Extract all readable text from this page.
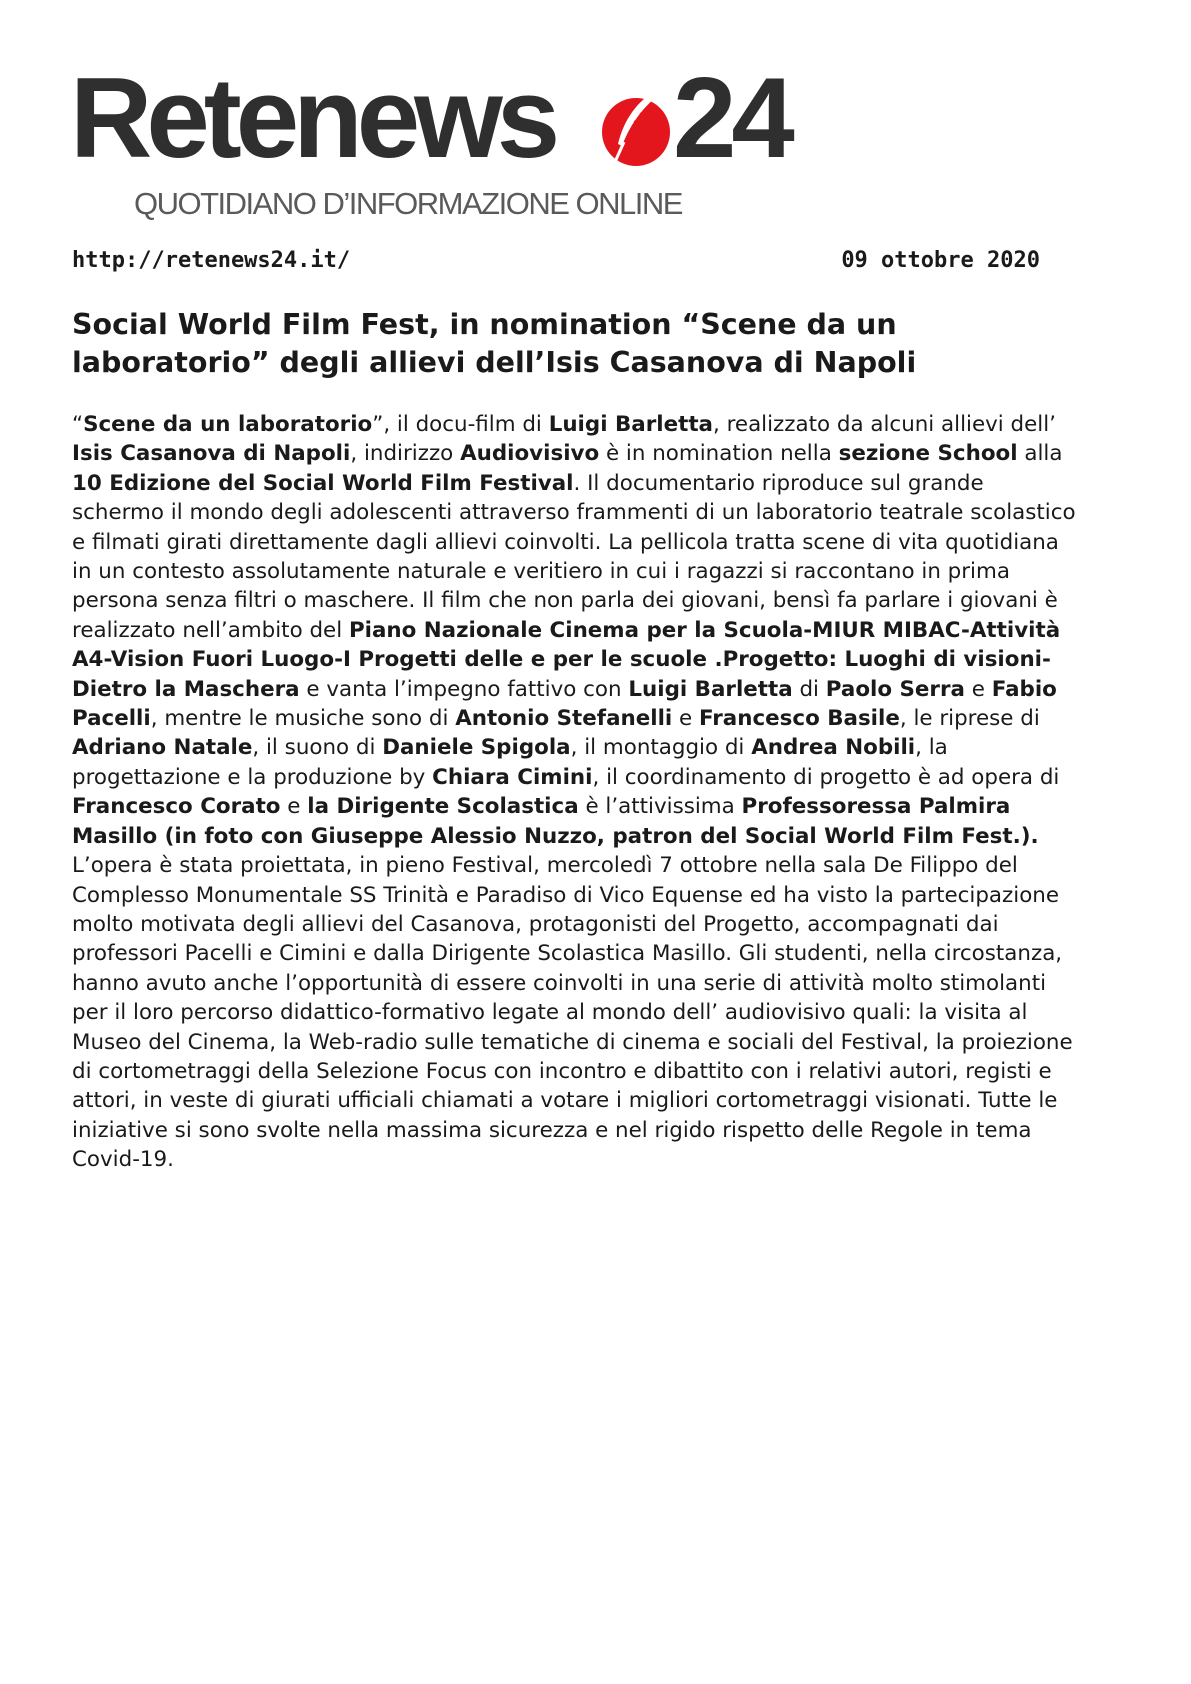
Retenews 24
QUOTIDIANO D’INFORMAZIONE ONLINE
http://retenews24.it/	09 ottobre 2020
Social World Film Fest, in nomination “Scene da un laboratorio” degli allievi dell’Isis Casanova di Napoli

“Scene da un laboratorio”, il docu-film di Luigi Barletta, realizzato da alcuni allievi dell’ Isis Casanova di Napoli, indirizzo Audiovisivo è in nomination nella sezione School alla 10 Edizione del Social World Film Festival. Il documentario riproduce sul grande schermo il mondo degli adolescenti attraverso frammenti di un laboratorio teatrale scolastico e filmati girati direttamente dagli allievi coinvolti. La pellicola tratta scene di vita quotidiana in un contesto assolutamente naturale e veritiero in cui i ragazzi si raccontano in prima persona senza filtri o maschere. Il film che non parla dei giovani, bensì fa parlare i giovani è realizzato nell’ambito del Piano Nazionale Cinema per la Scuola-MIUR MIBAC-Attività A4-Vision Fuori Luogo-I Progetti delle e per le scuole .Progetto: Luoghi di visioni-Dietro la Maschera e vanta l’impegno fattivo con Luigi Barletta di Paolo Serra e Fabio Pacelli, mentre le musiche sono di Antonio Stefanelli e Francesco Basile, le riprese di Adriano Natale, il suono di Daniele Spigola, il montaggio di Andrea Nobili, la progettazione e la produzione by Chiara Cimini, il coordinamento di progetto è ad opera di Francesco Corato e la Dirigente Scolastica è l’attivissima Professoressa Palmira Masillo (in foto con Giuseppe Alessio Nuzzo, patron del Social World Film Fest.). L’opera è stata proiettata, in pieno Festival, mercoledì 7 ottobre nella sala De Filippo del Complesso Monumentale SS Trinità e Paradiso di Vico Equense ed ha visto la partecipazione molto motivata degli allievi del Casanova, protagonisti del Progetto, accompagnati dai professori Pacelli e Cimini e dalla Dirigente Scolastica Masillo. Gli studenti, nella circostanza, hanno avuto anche l’opportunità di essere coinvolti in una serie di attività molto stimolanti per il loro percorso didattico-formativo legate al mondo dell’ audiovisivo quali: la visita al Museo del Cinema, la Web-radio sulle tematiche di cinema e sociali del Festival, la proiezione di cortometraggi della Selezione Focus con incontro e dibattito con i relativi autori, registi e attori, in veste di giurati ufficiali chiamati a votare i migliori cortometraggi visionati. Tutte le iniziative si sono svolte nella massima sicurezza e nel rigido rispetto delle Regole in tema Covid-19.
